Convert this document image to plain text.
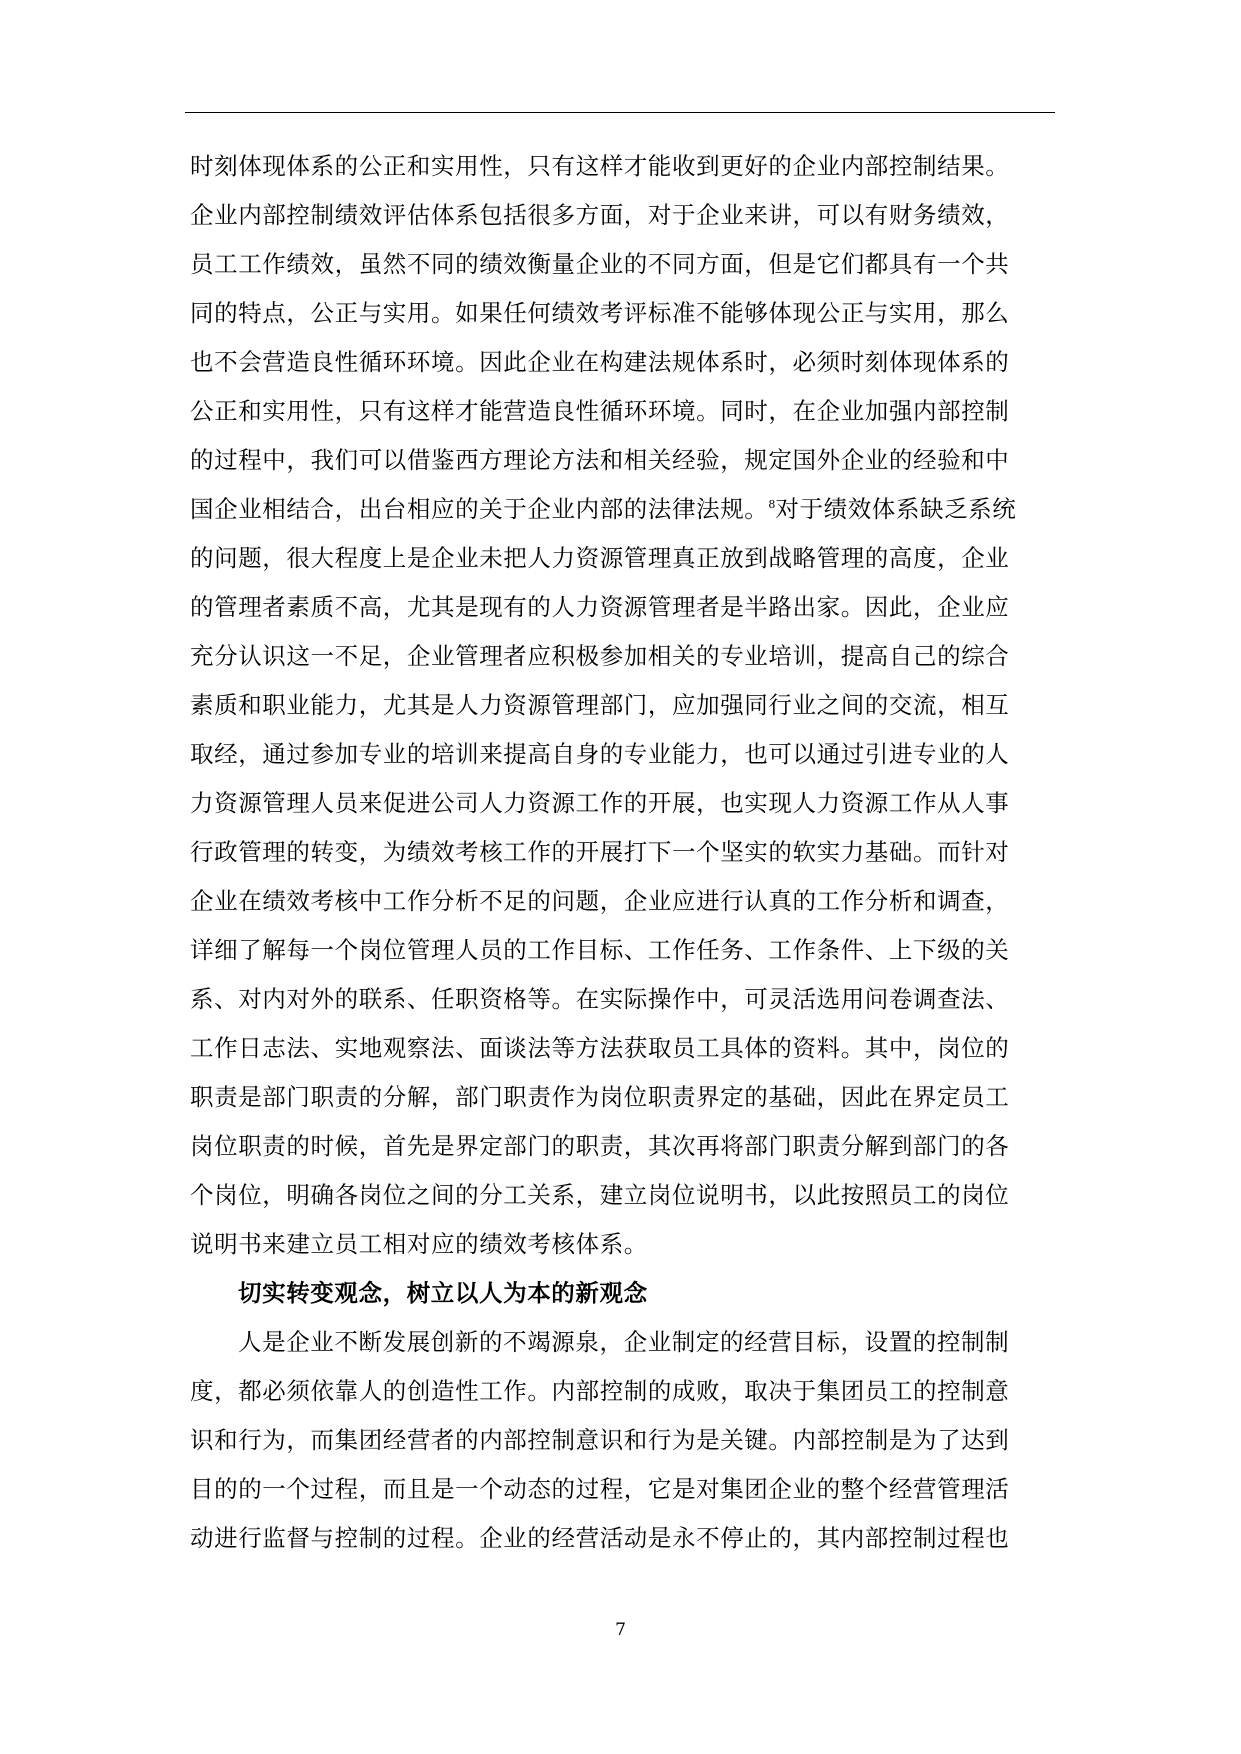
时刻体现体系的公正和实用性，只有这样才能收到更好的企业内部控制结果。
企业内部控制绩效评估体系包括很多方面，对于企业来讲，可以有财务绩效，
员工工作绩效，虽然不同的绩效衡量企业的不同方面，但是它们都具有一个共
同的特点，公正与实用。如果任何绩效考评标准不能够体现公正与实用，那么
也不会营造良性循环环境。因此企业在构建法规体系时，必须时刻体现体系的
公正和实用性，只有这样才能营造良性循环环境。同时，在企业加强内部控制
的过程中，我们可以借鉴西方理论方法和相关经验，规定国外企业的经验和中
国企业相结合，出台相应的关于企业内部的法律法规。$^8$对于绩效体系缺乏系统
的问题，很大程度上是企业未把人力资源管理真正放到战略管理的高度，企业
的管理者素质不高，尤其是现有的人力资源管理者是半路出家。因此，企业应
充分认识这一不足，企业管理者应积极参加相关的专业培训，提高自己的综合
素质和职业能力，尤其是人力资源管理部门，应加强同行业之间的交流，相互
取经，通过参加专业的培训来提高自身的专业能力，也可以通过引进专业的人
力资源管理人员来促进公司人力资源工作的开展，也实现人力资源工作从人事
行政管理的转变，为绩效考核工作的开展打下一个坚实的软实力基础。而针对
企业在绩效考核中工作分析不足的问题，企业应进行认真的工作分析和调查，
详细了解每一个岗位管理人员的工作目标、工作任务、工作条件、上下级的关
系、对内对外的联系、任职资格等。在实际操作中，可灵活选用问卷调查法、
工作日志法、实地观察法、面谈法等方法获取员工具体的资料。其中，岗位的
职责是部门职责的分解，部门职责作为岗位职责界定的基础，因此在界定员工
岗位职责的时候，首先是界定部门的职责，其次再将部门职责分解到部门的各
个岗位，明确各岗位之间的分工关系，建立岗位说明书，以此按照员工的岗位
说明书来建立员工相对应的绩效考核体系。
切实转变观念，树立以人为本的新观念
人是企业不断发展创新的不竭源泉，企业制定的经营目标，设置的控制制
度，都必须依靠人的创造性工作。内部控制的成败，取决于集团员工的控制意
识和行为，而集团经营者的内部控制意识和行为是关键。内部控制是为了达到
目的的一个过程，而且是一个动态的过程，它是对集团企业的整个经营管理活
动进行监督与控制的过程。企业的经营活动是永不停止的，其内部控制过程也
7
